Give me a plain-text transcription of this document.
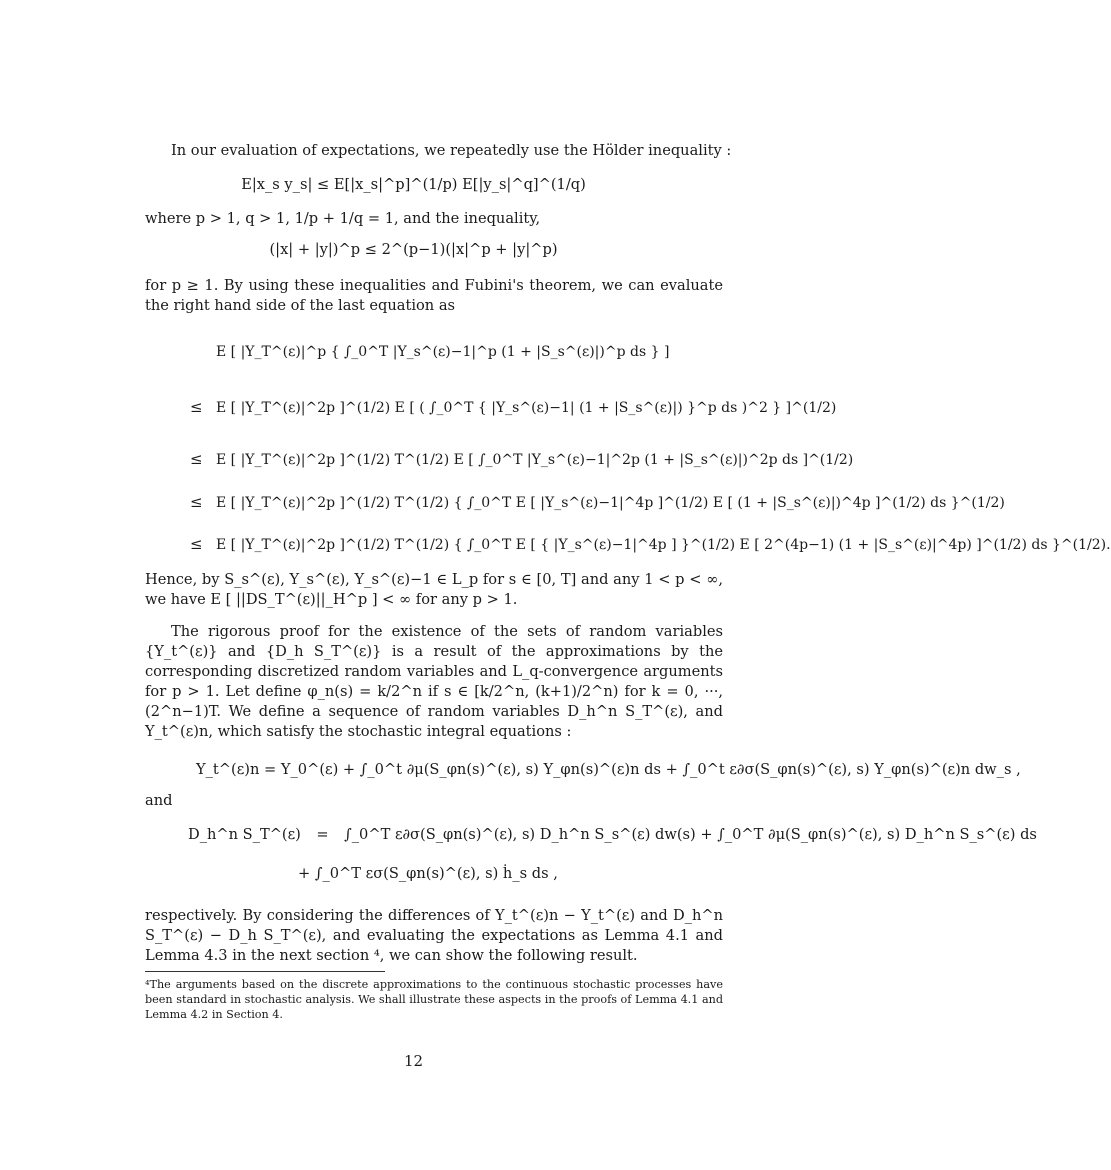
In our evaluation of expectations, we repeatedly use the Hölder inequality :
E|x_s y_s| ≤ E[|x_s|^p]^(1/p) E[|y_s|^q]^(1/q)
where p > 1, q > 1, 1/p + 1/q = 1, and the inequality,
(|x| + |y|)^p ≤ 2^(p−1)(|x|^p + |y|^p)
for p ≥ 1. By using these inequalities and Fubini's theorem, we can evaluate the right hand side of the last equation as
E [ |Y_T^(ε)|^p { ∫_0^T |Y_s^(ε)−1|^p (1 + |S_s^(ε)|)^p ds } ]
≤ E [ |Y_T^(ε)|^2p ]^(1/2) E [ ( ∫_0^T { |Y_s^(ε)−1| (1 + |S_s^(ε)|) }^p ds )^2 } ]^(1/2)
≤ E [ |Y_T^(ε)|^2p ]^(1/2) T^(1/2) E [ ∫_0^T |Y_s^(ε)−1|^2p (1 + |S_s^(ε)|)^2p ds ]^(1/2)
≤ E [ |Y_T^(ε)|^2p ]^(1/2) T^(1/2) { ∫_0^T E [ |Y_s^(ε)−1|^4p ]^(1/2) E [ (1 + |S_s^(ε)|)^4p ]^(1/2) ds }^(1/2)
≤ E [ |Y_T^(ε)|^2p ]^(1/2) T^(1/2) { ∫_0^T E [ { |Y_s^(ε)−1|^4p ] }^(1/2) E [ 2^(4p−1) (1 + |S_s^(ε)|^4p) ]^(1/2) ds }^(1/2).
Hence, by S_s^(ε), Y_s^(ε), Y_s^(ε)−1 ∈ L_p for s ∈ [0, T] and any 1 < p < ∞, we have E [ ||DS_T^(ε)||_H^p ] < ∞ for any p > 1.
The rigorous proof for the existence of the sets of random variables {Y_t^(ε)} and {D_h S_T^(ε)} is a result of the approximations by the corresponding discretized random variables and L_q-convergence arguments for p > 1. Let define φ_n(s) = k/2^n if s ∈ [k/2^n, (k+1)/2^n) for k = 0, ···, (2^n−1)T. We define a sequence of random variables D_h^n S_T^(ε), and Y_t^(ε)n, which satisfy the stochastic integral equations :
Y_t^(ε)n = Y_0^(ε) + ∫_0^t ∂μ(S_φn(s)^(ε), s) Y_φn(s)^(ε)n ds + ∫_0^t ε∂σ(S_φn(s)^(ε), s) Y_φn(s)^(ε)n dw_s ,
and
D_h^n S_T^(ε) = ∫_0^T ε∂σ(S_φn(s)^(ε), s) D_h^n S_s^(ε) dw(s) + ∫_0^T ∂μ(S_φn(s)^(ε), s) D_h^n S_s^(ε) ds
+ ∫_0^T εσ(S_φn(s)^(ε), s) ḣ_s ds ,
respectively. By considering the differences of Y_t^(ε)n − Y_t^(ε) and D_h^n S_T^(ε) − D_h S_T^(ε), and evaluating the expectations as Lemma 4.1 and Lemma 4.3 in the next section ⁴, we can show the following result.
⁴The arguments based on the discrete approximations to the continuous stochastic processes have been standard in stochastic analysis. We shall illustrate these aspects in the proofs of Lemma 4.1 and Lemma 4.2 in Section 4.
12
